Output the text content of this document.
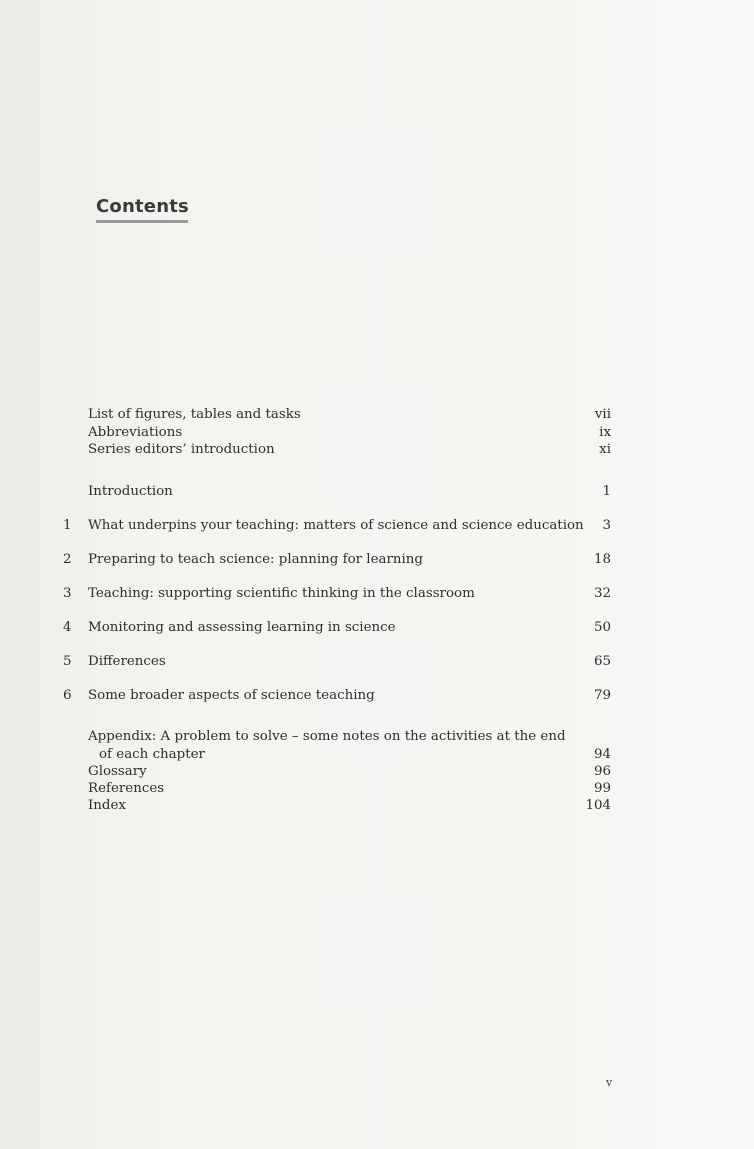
Contents
List of figures, tables and tasks	vii
Abbreviations	ix
Series editors’ introduction	xi
Introduction	1
1 What underpins your teaching: matters of science and science education 3
2 Preparing to teach science: planning for learning	18
3 Teaching: supporting scientific thinking in the classroom	32
4 Monitoring and assessing learning in science	50
5 Differences	65
6 Some broader aspects of science teaching	79
Appendix: A problem to solve – some notes on the activities at the end
of each chapter	94
Glossary	96
References	99
Index	104
v
